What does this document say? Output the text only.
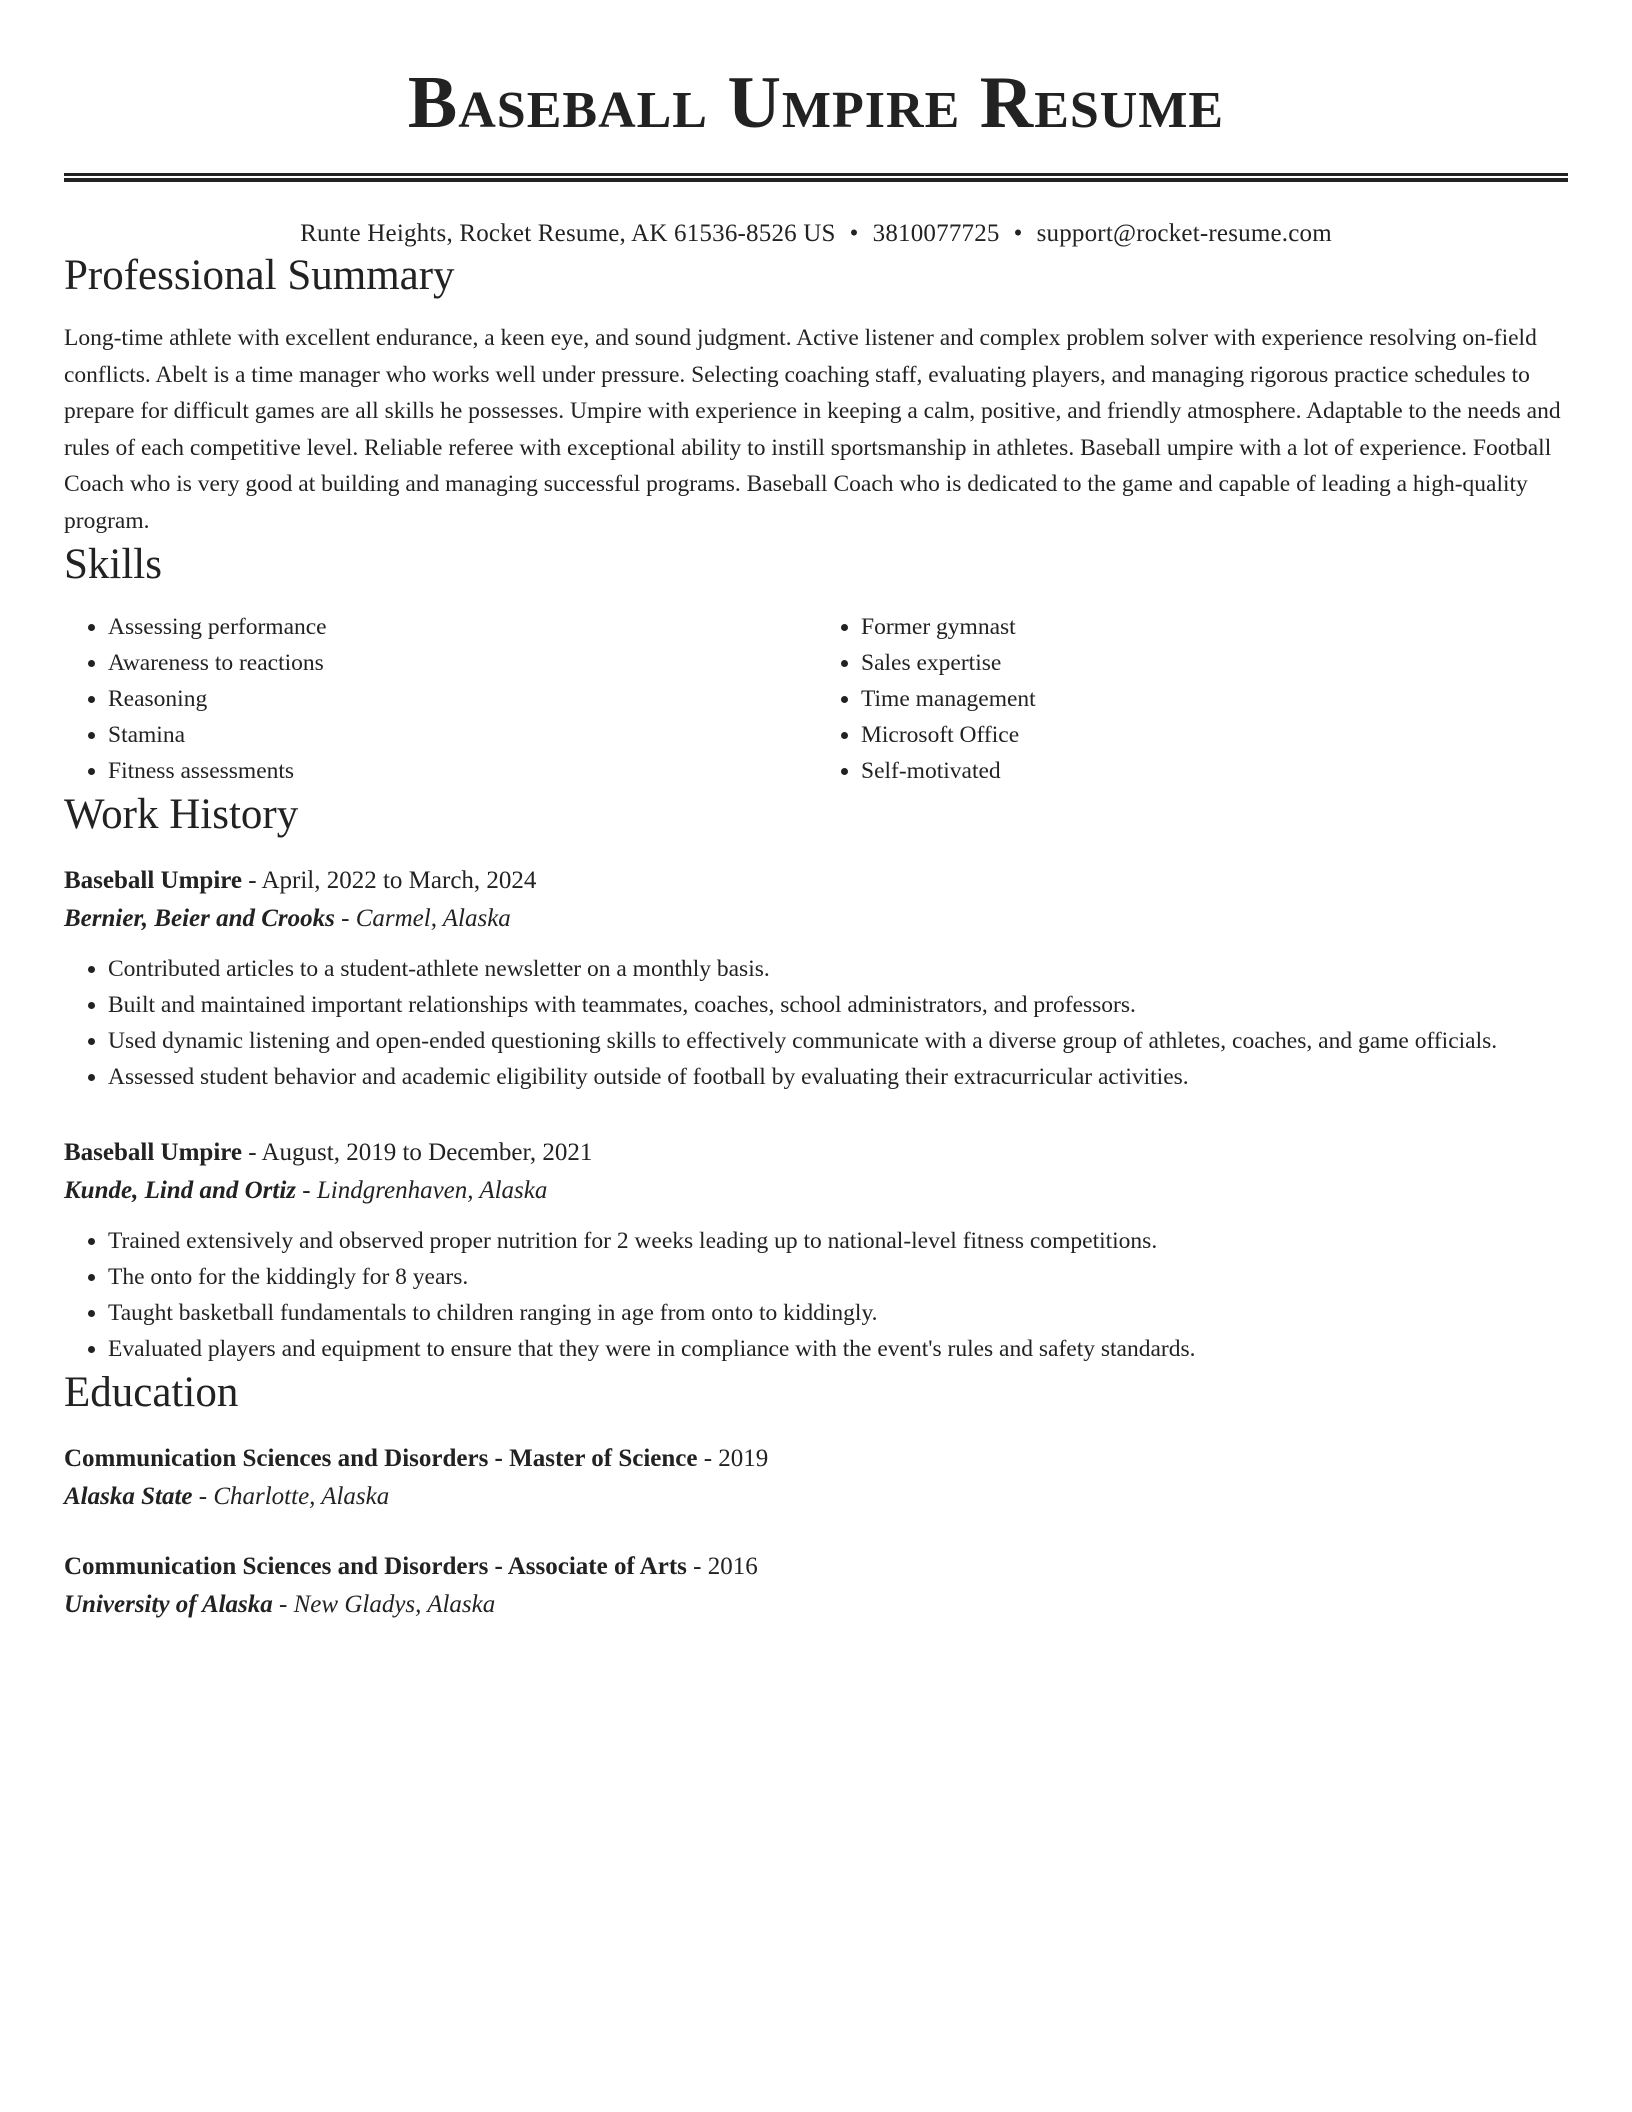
Baseball Umpire Resume
Runte Heights, Rocket Resume, AK 61536-8526 US • 3810077725 • support@rocket-resume.com
Professional Summary

Long-time athlete with excellent endurance, a keen eye, and sound judgment. Active listener and complex problem solver with experience resolving on-field conflicts. Abelt is a time manager who works well under pressure. Selecting coaching staff, evaluating players, and managing rigorous practice schedules to prepare for difficult games are all skills he possesses. Umpire with experience in keeping a calm, positive, and friendly atmosphere. Adaptable to the needs and rules of each competitive level. Reliable referee with exceptional ability to instill sportsmanship in athletes. Baseball umpire with a lot of experience. Football Coach who is very good at building and managing successful programs. Baseball Coach who is dedicated to the game and capable of leading a high-quality program.

Skills
• Assessing performance
• Awareness to reactions
• Reasoning
• Stamina
• Fitness assessments
• Former gymnast
• Sales expertise
• Time management
• Microsoft Office
• Self-motivated
Work History
Baseball Umpire - April, 2022 to March, 2024
Bernier, Beier and Crooks - Carmel, Alaska
• Contributed articles to a student-athlete newsletter on a monthly basis.
• Built and maintained important relationships with teammates, coaches, school administrators, and professors.
• Used dynamic listening and open-ended questioning skills to effectively communicate with a diverse group of athletes, coaches, and game officials.
• Assessed student behavior and academic eligibility outside of football by evaluating their extracurricular activities.
Baseball Umpire - August, 2019 to December, 2021
Kunde, Lind and Ortiz - Lindgrenhaven, Alaska
• Trained extensively and observed proper nutrition for 2 weeks leading up to national-level fitness competitions.
• The onto for the kiddingly for 8 years.
• Taught basketball fundamentals to children ranging in age from onto to kiddingly.
• Evaluated players and equipment to ensure that they were in compliance with the event's rules and safety standards.
Education
Communication Sciences and Disorders - Master of Science - 2019
Alaska State - Charlotte, Alaska
Communication Sciences and Disorders - Associate of Arts - 2016
University of Alaska - New Gladys, Alaska
